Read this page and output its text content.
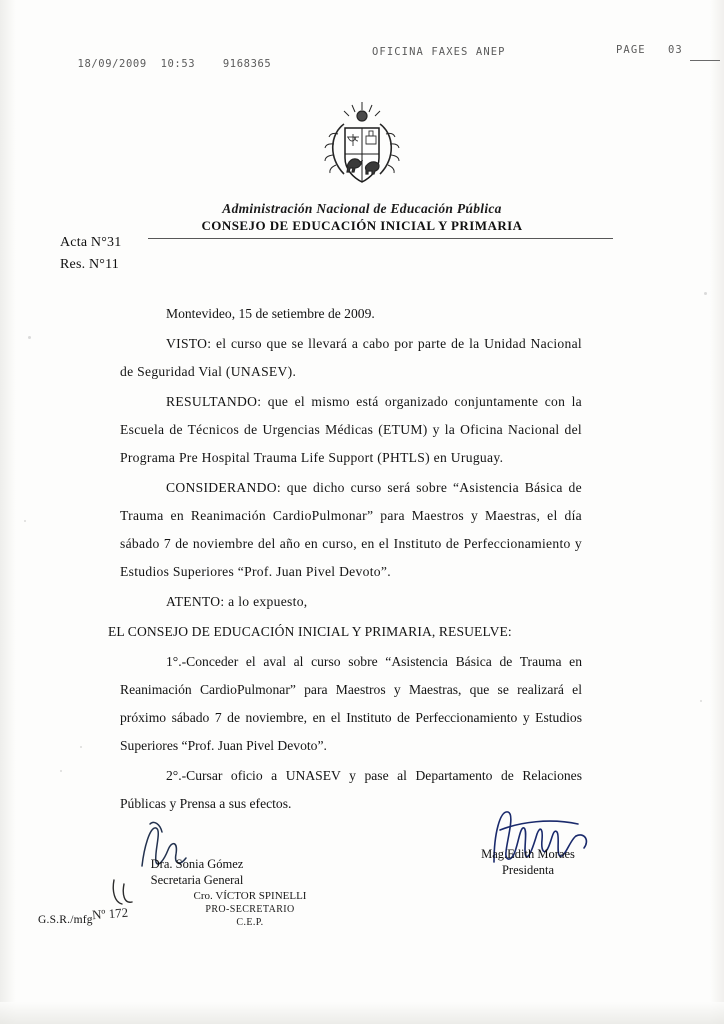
18/09/2009  10:53	9168365

OFICINA FAXES ANEP	PAGE 03
Administración Nacional de Educación Pública
CONSEJO DE EDUCACIÓN INICIAL Y PRIMARIA
Acta N°31
Res. N°11

Montevideo, 15 de setiembre de 2009.

VISTO: el curso que se llevará a cabo por parte de la Unidad Nacional de Seguridad Vial (UNASEV).

RESULTANDO: que el mismo está organizado conjuntamente con la Escuela de Técnicos de Urgencias Médicas (ETUM) y la Oficina Nacional del Programa Pre Hospital Trauma Life Support (PHTLS) en Uruguay.

CONSIDERANDO: que dicho curso será sobre “Asistencia Básica de Trauma en Reanimación CardioPulmonar” para Maestros y Maestras, el día sábado 7 de noviembre del año en curso, en el Instituto de Perfeccionamiento y Estudios Superiores “Prof. Juan Pivel Devoto”.

ATENTO: a lo expuesto,

EL CONSEJO DE EDUCACIÓN INICIAL Y PRIMARIA, RESUELVE:

1°.-Conceder el aval al curso sobre “Asistencia Básica de Trauma en Reanimación CardioPulmonar” para Maestros y Maestras, que se realizará el próximo sábado 7 de noviembre, en el Instituto de Perfeccionamiento y Estudios Superiores “Prof. Juan Pivel Devoto”.

2°.-Cursar oficio a UNASEV y pase al Departamento de Relaciones Públicas y Prensa a sus efectos.

Mag.Edith Moraes
Presidenta
Dra. Sonia Gómez
Secretaria General
Cro. VÍCTOR SPINELLI
PRO-SECRETARIO
C.E.P.
G.S.R./mfg
Nº 172
